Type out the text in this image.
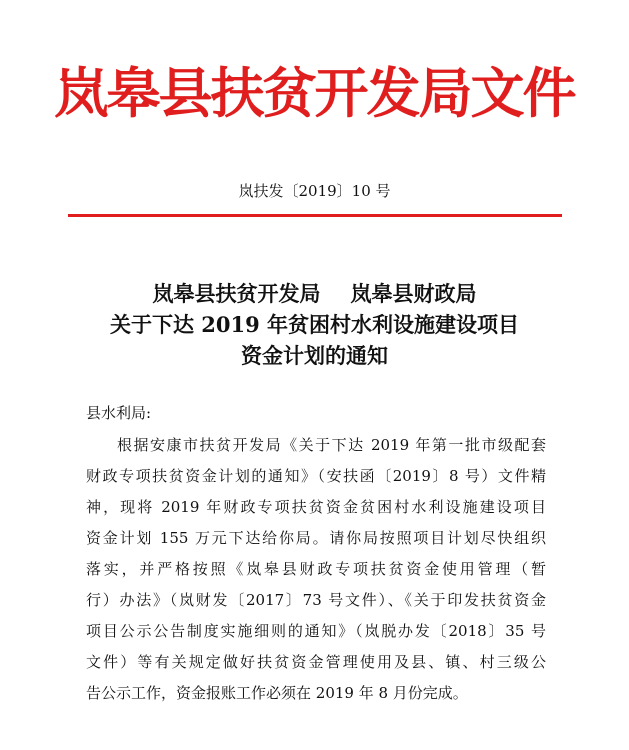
岚皋县扶贫开发局文件
岚扶发〔2019〕10 号
岚皋县扶贫开发局 岚皋县财政局
关于下达 2019 年贫困村水利设施建设项目
资金计划的通知
县水利局:
根据安康市扶贫开发局《关于下达 2019 年第一批市级配套
财政专项扶贫资金计划的通知》（安扶函〔2019〕8 号）文件精
神，现将 2019 年财政专项扶贫资金贫困村水利设施建设项目
资金计划 155 万元下达给你局。请你局按照项目计划尽快组织
落实，并严格按照《岚皋县财政专项扶贫资金使用管理（暂
行）办法》（岚财发〔2017〕73 号文件）、《关于印发扶贫资金
项目公示公告制度实施细则的通知》（岚脱办发〔2018〕35 号
文件）等有关规定做好扶贫资金管理使用及县、镇、村三级公
告公示工作，资金报账工作必须在 2019 年 8 月份完成。
